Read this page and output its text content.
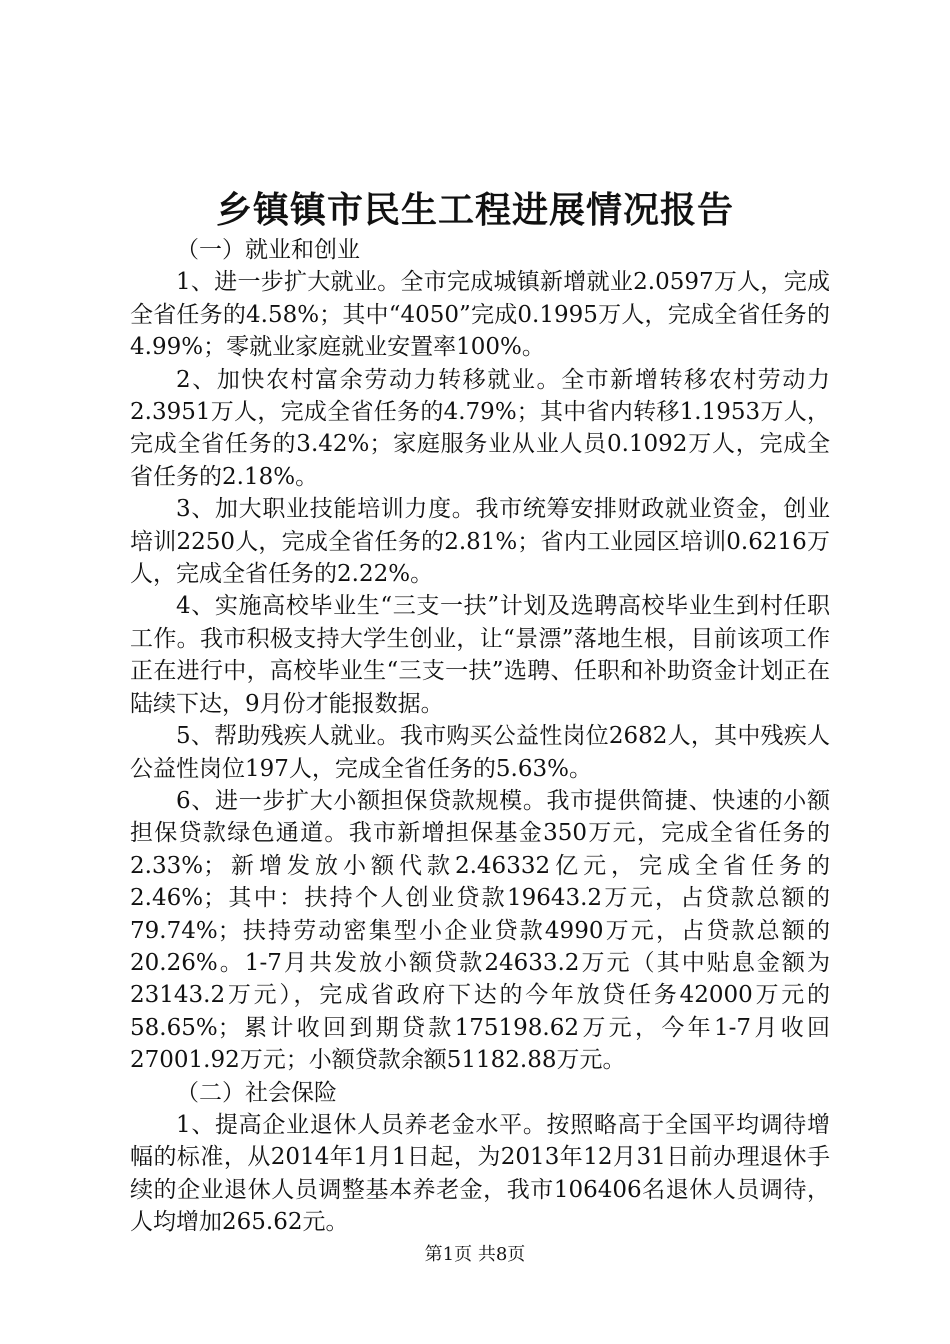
乡镇镇市民生工程进展情况报告

（一）就业和创业

1、进一步扩大就业。全市完成城镇新增就业2.0597万人，完成全省任务的4.58%；其中“4050”完成0.1995万人，完成全省任务的4.99%；零就业家庭就业安置率100%。

2、加快农村富余劳动力转移就业。全市新增转移农村劳动力2.3951万人，完成全省任务的4.79%；其中省内转移1.1953万人，完成全省任务的3.42%；家庭服务业从业人员0.1092万人，完成全省任务的2.18%。

3、加大职业技能培训力度。我市统筹安排财政就业资金，创业培训2250人，完成全省任务的2.81%；省内工业园区培训0.6216万人，完成全省任务的2.22%。

4、实施高校毕业生“三支一扶”计划及选聘高校毕业生到村任职工作。我市积极支持大学生创业，让“景漂”落地生根，目前该项工作正在进行中，高校毕业生“三支一扶”选聘、任职和补助资金计划正在陆续下达，9月份才能报数据。

5、帮助残疾人就业。我市购买公益性岗位2682人，其中残疾人公益性岗位197人，完成全省任务的5.63%。

6、进一步扩大小额担保贷款规模。我市提供简捷、快速的小额担保贷款绿色通道。我市新增担保基金350万元，完成全省任务的2.33%；新增发放小额代款2.46332亿元，完成全省任务的2.46%；其中：扶持个人创业贷款19643.2万元，占贷款总额的79.74%；扶持劳动密集型小企业贷款4990万元，占贷款总额的20.26%。1-7月共发放小额贷款24633.2万元（其中贴息金额为23143.2万元），完成省政府下达的今年放贷任务42000万元的58.65%；累计收回到期贷款175198.62万元，今年1-7月收回27001.92万元；小额贷款余额51182.88万元。

（二）社会保险

1、提高企业退休人员养老金水平。按照略高于全国平均调待增幅的标准，从2014年1月1日起，为2013年12月31日前办理退休手续的企业退休人员调整基本养老金，我市106406名退休人员调待，人均增加265.62元。

第1页 共8页
